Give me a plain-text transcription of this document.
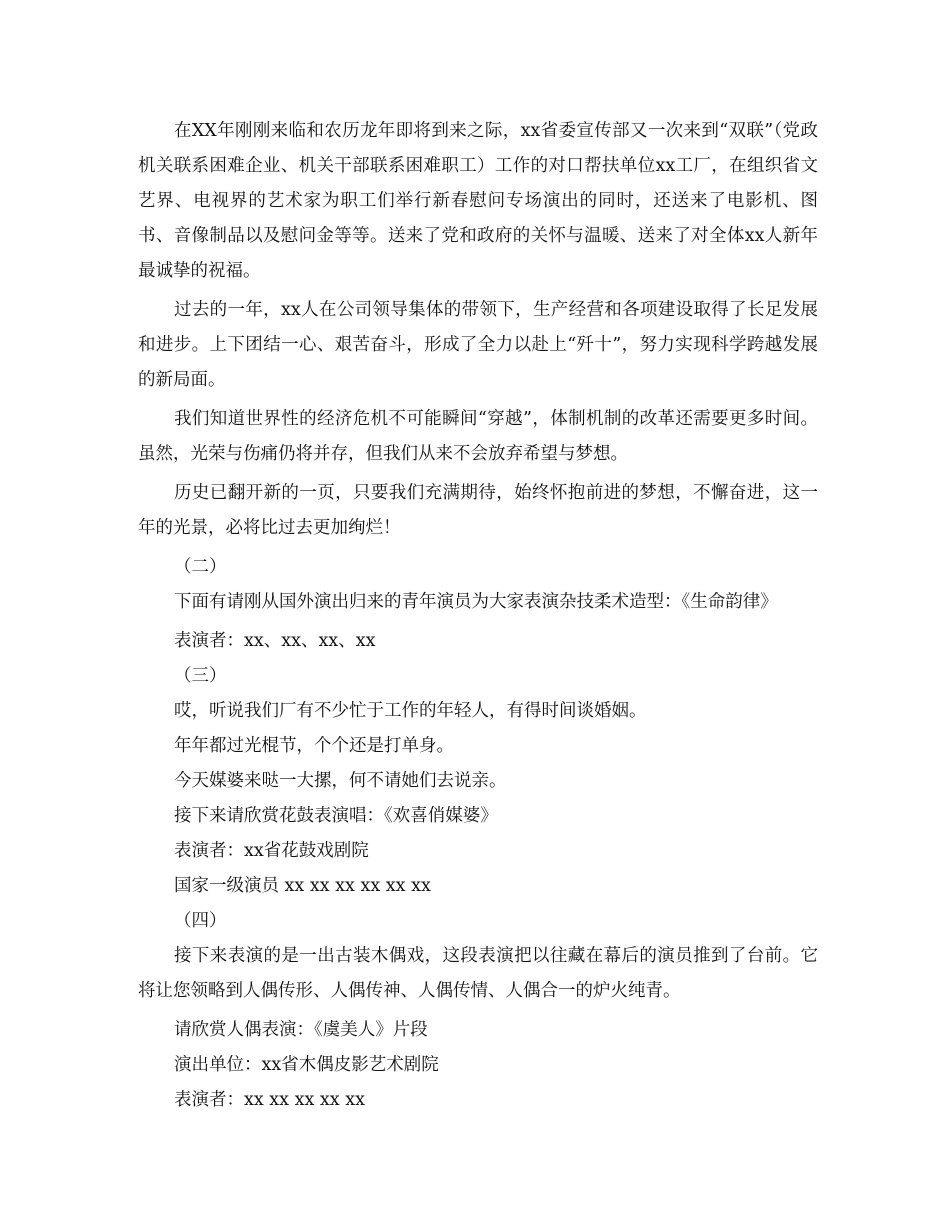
在XX年刚刚来临和农历龙年即将到来之际，xx省委宣传部又一次来到“双联”（党政机关联系困难企业、机关干部联系困难职工）工作的对口帮扶单位xx工厂，在组织省文艺界、电视界的艺术家为职工们举行新春慰问专场演出的同时，还送来了电影机、图书、音像制品以及慰问金等等。送来了党和政府的关怀与温暖、送来了对全体xx人新年最诚挚的祝福。

过去的一年，xx人在公司领导集体的带领下，生产经营和各项建设取得了长足发展和进步。上下团结一心、艰苦奋斗，形成了全力以赴上“歼十”，努力实现科学跨越发展的新局面。

我们知道世界性的经济危机不可能瞬间“穿越”，体制机制的改革还需要更多时间。虽然，光荣与伤痛仍将并存，但我们从来不会放弃希望与梦想。

历史已翻开新的一页，只要我们充满期待，始终怀抱前进的梦想，不懈奋进，这一年的光景，必将比过去更加绚烂！

（二）

下面有请刚从国外演出归来的青年演员为大家表演杂技柔术造型：《生命韵律》

表演者：xx、xx、xx、xx

（三）

哎，听说我们厂有不少忙于工作的年轻人，有得时间谈婚姻。

年年都过光棍节，个个还是打单身。

今天媒婆来哒一大摞，何不请她们去说亲。

接下来请欣赏花鼓表演唱：《欢喜俏媒婆》

表演者：xx省花鼓戏剧院

国家一级演员 xx xx xx xx xx xx

（四）

接下来表演的是一出古装木偶戏，这段表演把以往藏在幕后的演员推到了台前。它将让您领略到人偶传形、人偶传神、人偶传情、人偶合一的炉火纯青。

请欣赏人偶表演：《虞美人》片段

演出单位：xx省木偶皮影艺术剧院

表演者：xx xx xx xx xx
